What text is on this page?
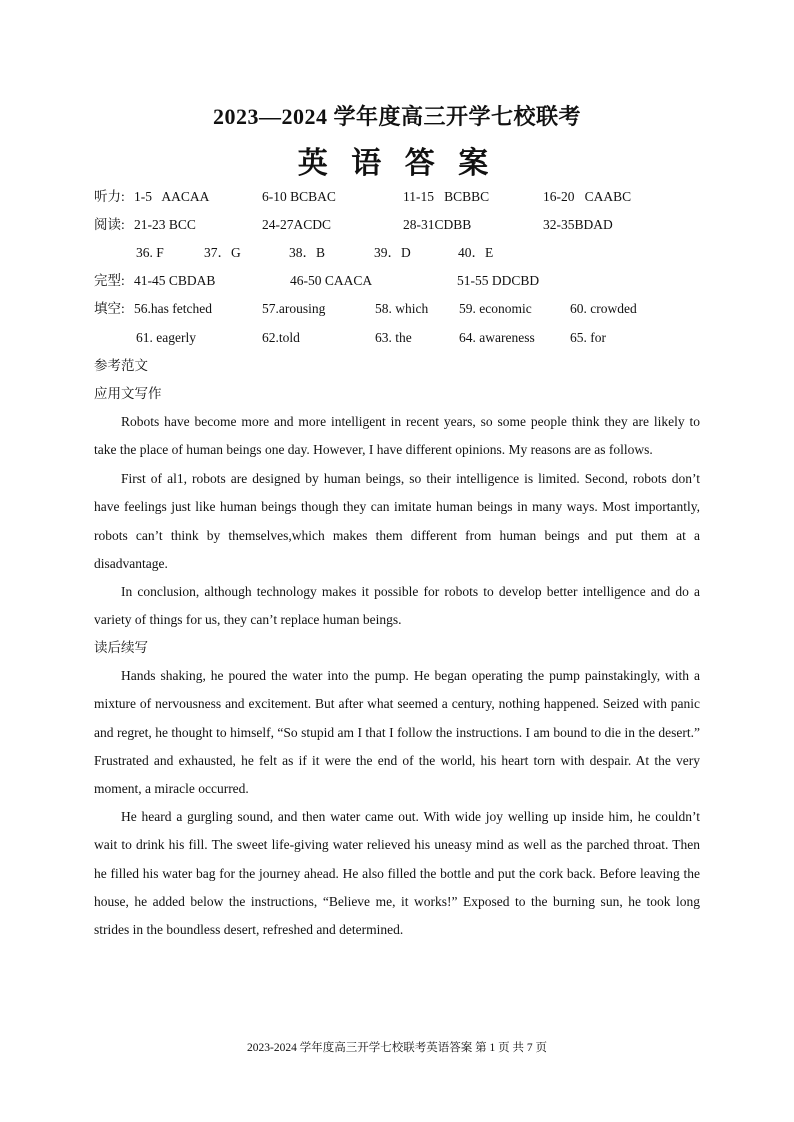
2023—2024 学年度高三开学七校联考
英 语 答 案
听力: 1-5   AACAA	6-10 BCBAC	11-15   BCBBC	16-20   CAABC
阅读: 21-23 BCC	24-27ACDC	28-31CDBB	32-35BDAD
36. F	37．G	38．B	39．D	40．E
完型: 41-45 CBDAB	46-50 CAACA	51-55 DDCBD
填空: 56.has fetched	57.arousing	58. which 59. economic	60. crowded
61. eagerly	62.told	63. the	64. awareness	65. for
参考范文
应用文写作

Robots have become more and more intelligent in recent years, so some people think they are likely to take the place of human beings one day. However, I have different opinions. My reasons are as follows.

First of al1, robots are designed by human beings, so their intelligence is limited. Second, robots don’t have feelings just like human beings though they can imitate human beings in many ways. Most importantly, robots can’t think by themselves,which makes them different from human beings and put them at a disadvantage.

In conclusion, although technology makes it possible for robots to develop better intelligence and do a variety of things for us, they can’t replace human beings.

读后续写

Hands shaking, he poured the water into the pump. He began operating the pump painstakingly, with a mixture of nervousness and excitement. But after what seemed a century, nothing happened. Seized with panic and regret, he thought to himself, “So stupid am I that I follow the instructions. I am bound to die in the desert.” Frustrated and exhausted, he felt as if it were the end of the world, his heart torn with despair. At the very moment, a miracle occurred.

He heard a gurgling sound, and then water came out. With wide joy welling up inside him, he couldn’t wait to drink his fill. The sweet life-giving water relieved his uneasy mind as well as the parched throat. Then he filled his water bag for the journey ahead. He also filled the bottle and put the cork back. Before leaving the house, he added below the instructions, “Believe me, it works!” Exposed to the burning sun, he took long strides in the boundless desert, refreshed and determined.

2023-2024 学年度高三开学七校联考英语答案 第 1 页 共 7 页
